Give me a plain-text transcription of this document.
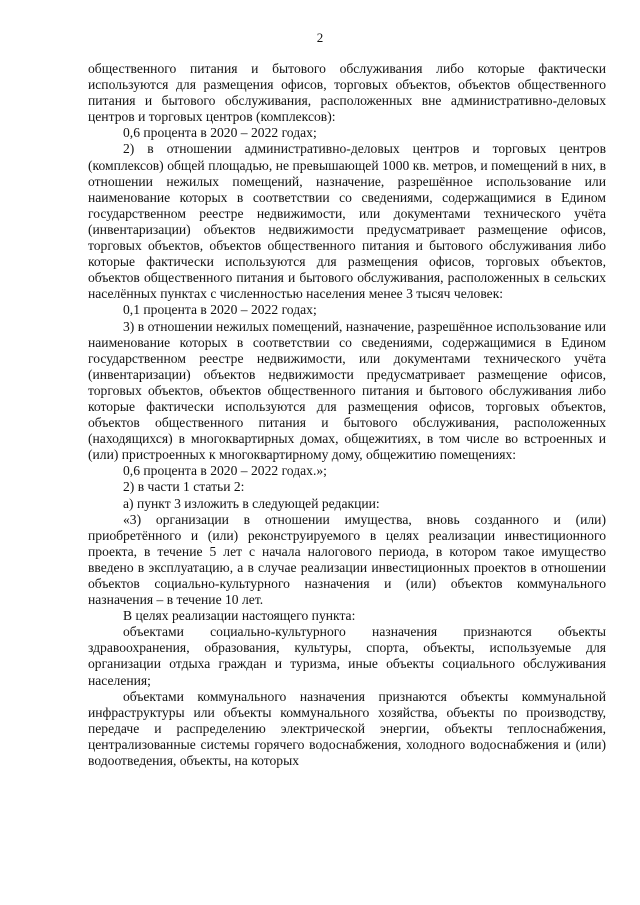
2

общественного питания и бытового обслуживания либо которые фактически используются для размещения офисов, торговых объектов, объектов общественного питания и бытового обслуживания, расположенных вне административно-деловых центров и торговых центров (комплексов):

0,6 процента в 2020 – 2022 годах;

2) в отношении административно-деловых центров и торговых центров (комплексов) общей площадью, не превышающей 1000 кв. метров, и помещений в них, в отношении нежилых помещений, назначение, разрешённое использование или наименование которых в соответствии со сведениями, содержащимися в Едином государственном реестре недвижимости, или документами технического учёта (инвентаризации) объектов недвижимости предусматривает размещение офисов, торговых объектов, объектов общественного питания и бытового обслуживания либо которые фактически используются для размещения офисов, торговых объектов, объектов общественного питания и бытового обслуживания, расположенных в сельских населённых пунктах с численностью населения менее 3 тысяч человек:

0,1 процента в 2020 – 2022 годах;

3) в отношении нежилых помещений, назначение, разрешённое использование или наименование которых в соответствии со сведениями, содержащимися в Едином государственном реестре недвижимости, или документами технического учёта (инвентаризации) объектов недвижимости предусматривает размещение офисов, торговых объектов, объектов общественного питания и бытового обслуживания либо которые фактически используются для размещения офисов, торговых объектов, объектов общественного питания и бытового обслуживания, расположенных (находящихся) в многоквартирных домах, общежитиях, в том числе во встроенных и (или) пристроенных к многоквартирному дому, общежитию помещениях:

0,6 процента в 2020 – 2022 годах.»;

2) в части 1 статьи 2:

а) пункт 3 изложить в следующей редакции:

«3) организации в отношении имущества, вновь созданного и (или) приобретённого и (или) реконструируемого в целях реализации инвестиционного проекта, в течение 5 лет с начала налогового периода, в котором такое имущество введено в эксплуатацию, а в случае реализации инвестиционных проектов в отношении объектов социально-культурного назначения и (или) объектов коммунального назначения – в течение 10 лет.

В целях реализации настоящего пункта:

объектами социально-культурного назначения признаются объекты здравоохранения, образования, культуры, спорта, объекты, используемые для организации отдыха граждан и туризма, иные объекты социального обслуживания населения;

объектами коммунального назначения признаются объекты коммунальной инфраструктуры или объекты коммунального хозяйства, объекты по производству, передаче и распределению электрической энергии, объекты теплоснабжения, централизованные системы горячего водоснабжения, холодного водоснабжения и (или) водоотведения, объекты, на которых
